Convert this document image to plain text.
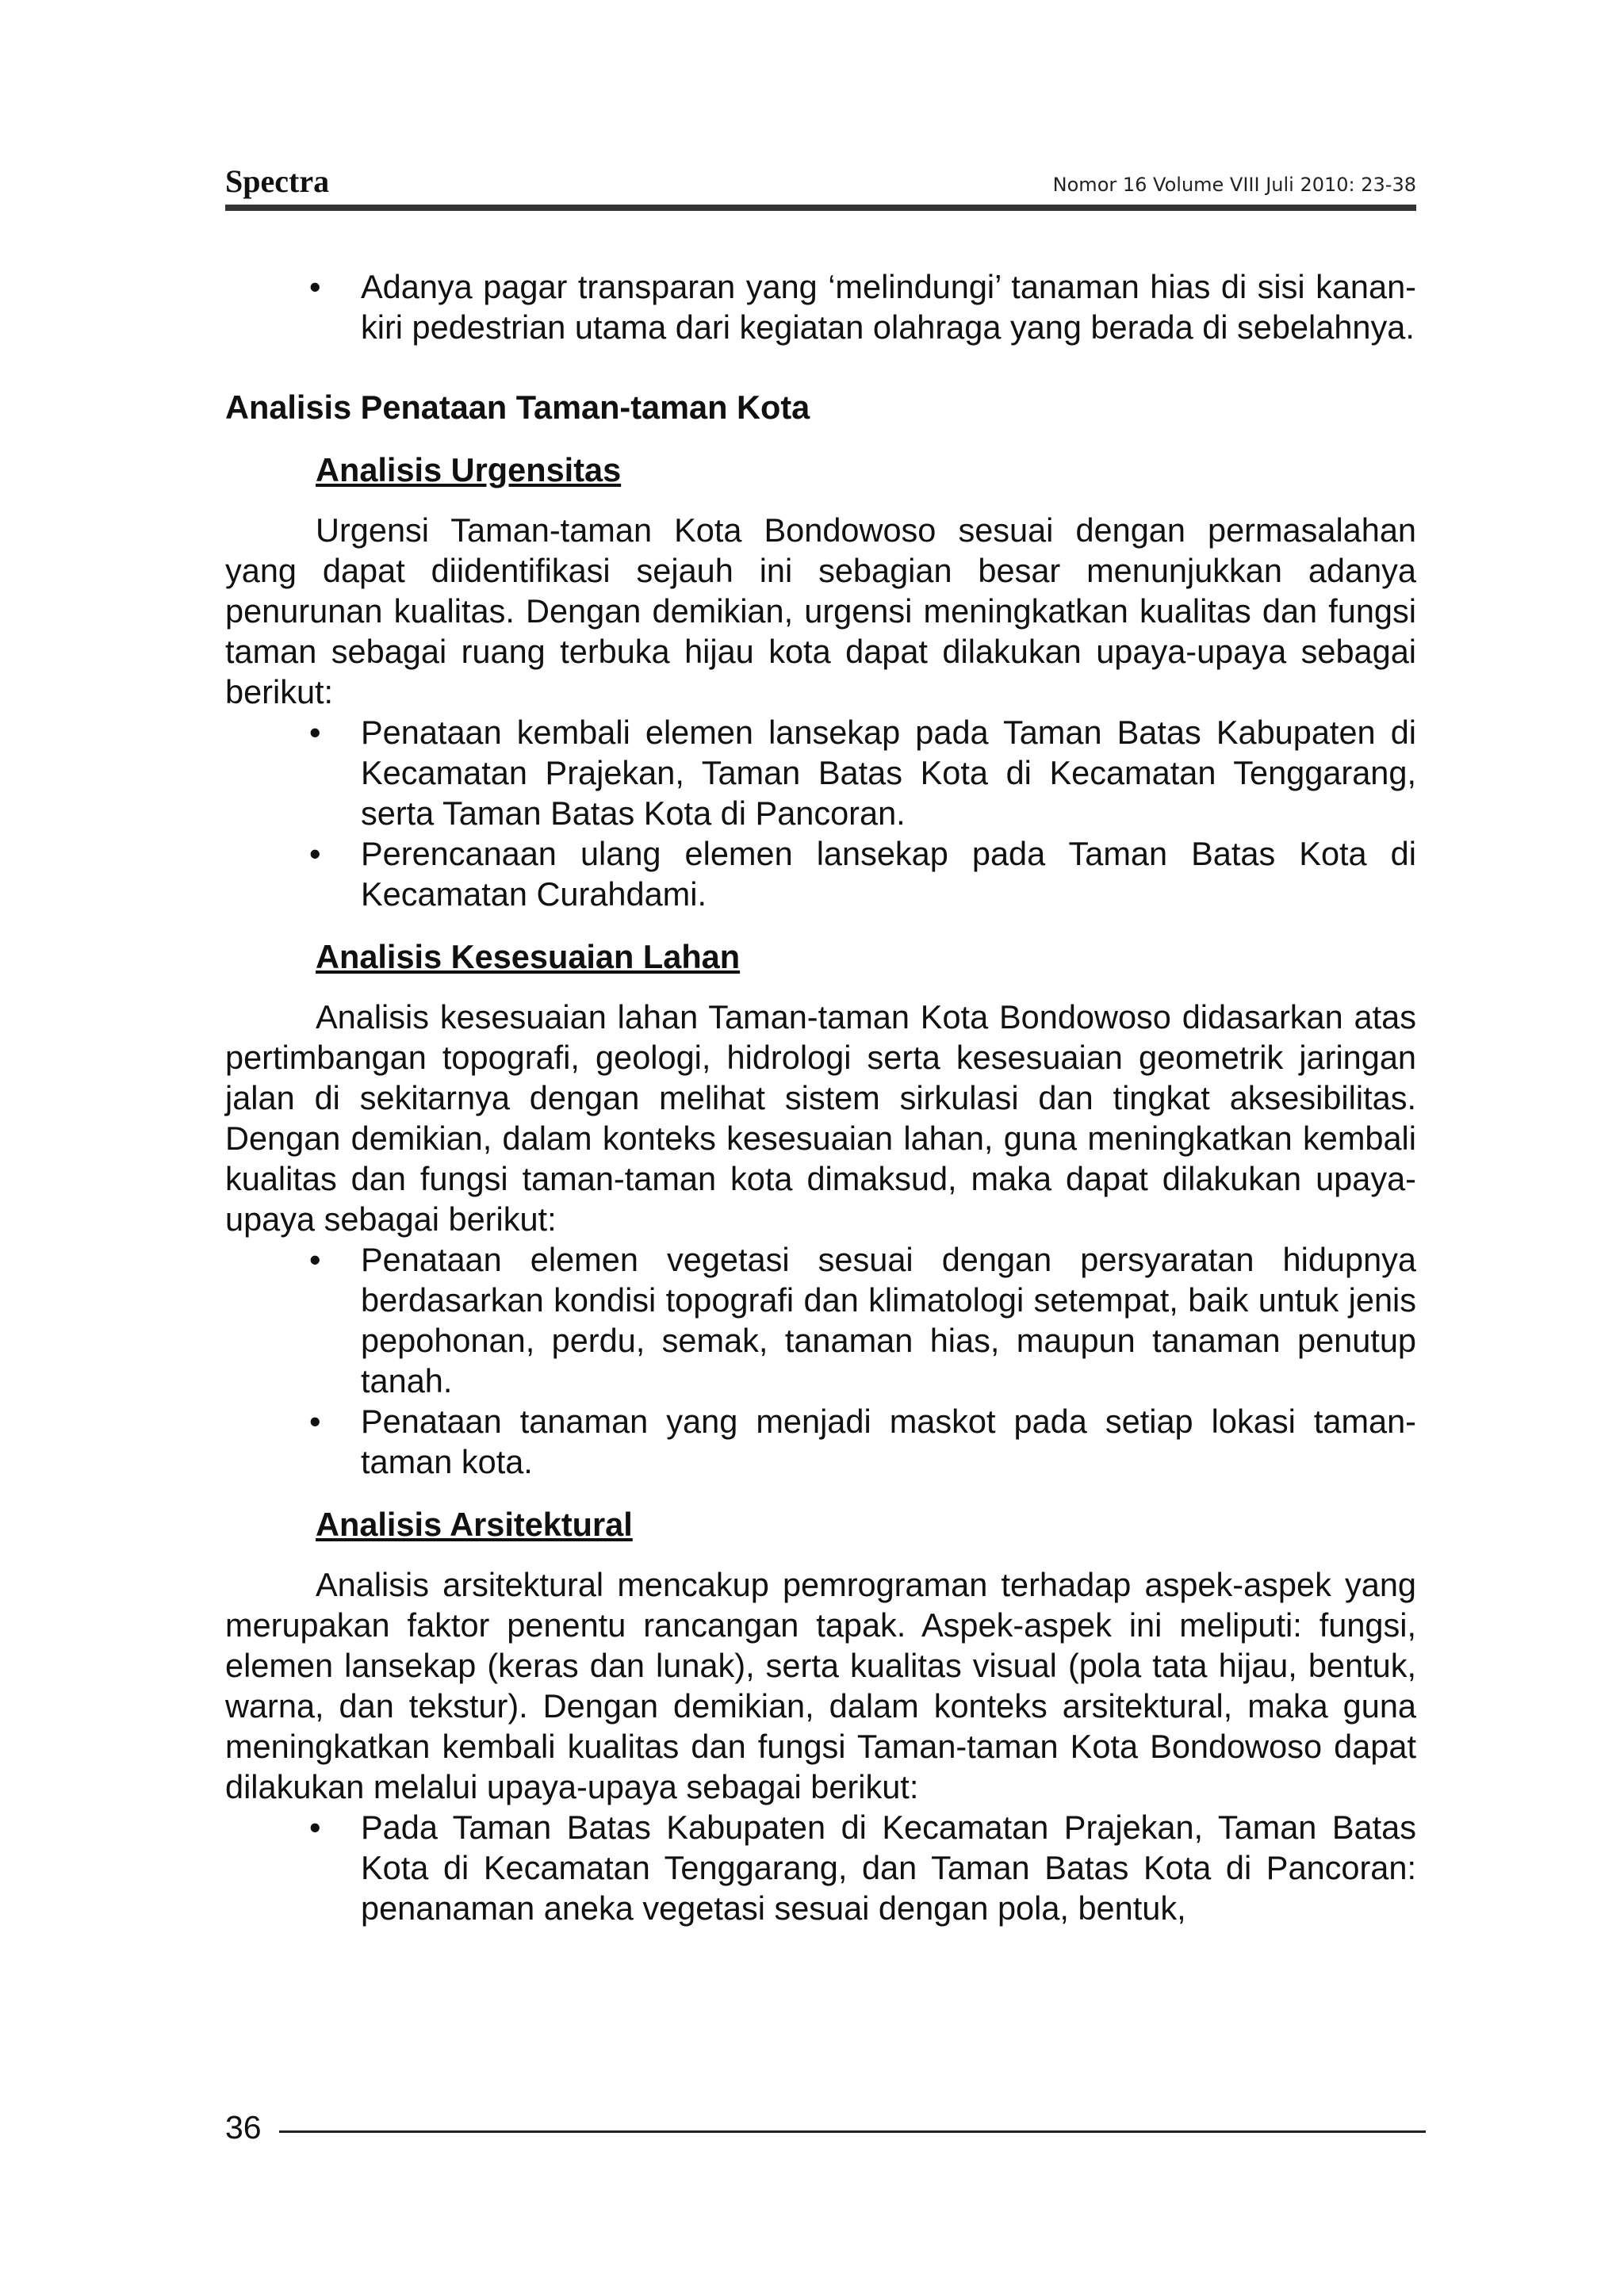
Spectra	Nomor 16 Volume VIII Juli 2010: 23-38
• Adanya pagar transparan yang ‘melindungi’ tanaman hias di sisi kanan-kiri pedestrian utama dari kegiatan olahraga yang berada di sebelahnya.
Analisis Penataan Taman-taman Kota
Analisis Urgensitas

Urgensi Taman-taman Kota Bondowoso sesuai dengan permasalahan yang dapat diidentifikasi sejauh ini sebagian besar menunjukkan adanya penurunan kualitas. Dengan demikian, urgensi meningkatkan kualitas dan fungsi taman sebagai ruang terbuka hijau kota dapat dilakukan upaya-upaya sebagai berikut:

• Penataan kembali elemen lansekap pada Taman Batas Kabupaten di Kecamatan Prajekan, Taman Batas Kota di Kecamatan Tenggarang, serta Taman Batas Kota di Pancoran.
• Perencanaan ulang elemen lansekap pada Taman Batas Kota di Kecamatan Curahdami.
Analisis Kesesuaian Lahan

Analisis kesesuaian lahan Taman-taman Kota Bondowoso didasarkan atas pertimbangan topografi, geologi, hidrologi serta kesesuaian geometrik jaringan jalan di sekitarnya dengan melihat sistem sirkulasi dan tingkat aksesibilitas. Dengan demikian, dalam konteks kesesuaian lahan, guna meningkatkan kembali kualitas dan fungsi taman-taman kota dimaksud, maka dapat dilakukan upaya-upaya sebagai berikut:

• Penataan elemen vegetasi sesuai dengan persyaratan hidupnya berdasarkan kondisi topografi dan klimatologi setempat, baik untuk jenis pepohonan, perdu, semak, tanaman hias, maupun tanaman penutup tanah.
• Penataan tanaman yang menjadi maskot pada setiap lokasi taman-taman kota.
Analisis Arsitektural

Analisis arsitektural mencakup pemrograman terhadap aspek-aspek yang merupakan faktor penentu rancangan tapak. Aspek-aspek ini meliputi: fungsi, elemen lansekap (keras dan lunak), serta kualitas visual (pola tata hijau, bentuk, warna, dan tekstur). Dengan demikian, dalam konteks arsitektural, maka guna meningkatkan kembali kualitas dan fungsi Taman-taman Kota Bondowoso dapat dilakukan melalui upaya-upaya sebagai berikut:

• Pada Taman Batas Kabupaten di Kecamatan Prajekan, Taman Batas Kota di Kecamatan Tenggarang, dan Taman Batas Kota di Pancoran: penanaman aneka vegetasi sesuai dengan pola, bentuk,
36
